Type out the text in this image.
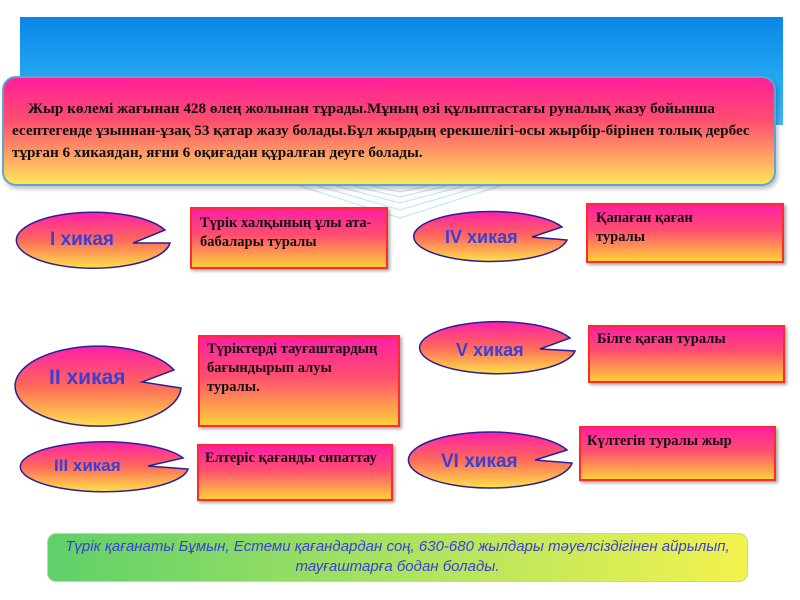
Жыр көлемі жағынан 428 өлең жолынан тұрады.Мұның өзі құлыптастағы руналық жазу бойынша есептегенде ұзыннан-ұзақ 53 қатар жазу болады.Бұл жырдың ерекшелігі-осы жырбір-бірінен толық дербес тұрған 6 хикаядан, яғни 6 оқиғадан құралған деуге болады.

I хикая
II хикая
III хикая
IV хикая
V хикая
VI хикая

Түрік халқының ұлы ата-бабалары туралы

Түріктерді тауғаштардың бағындырып алуы туралы.

Елтеріс қағанды сипаттау

Қапаған қаған туралы

Білге қаған туралы

Күлтегін туралы жыр

Түрік қағанаты Бұмын, Естеми қағандардан соң, 630-680 жылдары тәуелсіздігінен айрылып, тауғаштарға бодан болады.
